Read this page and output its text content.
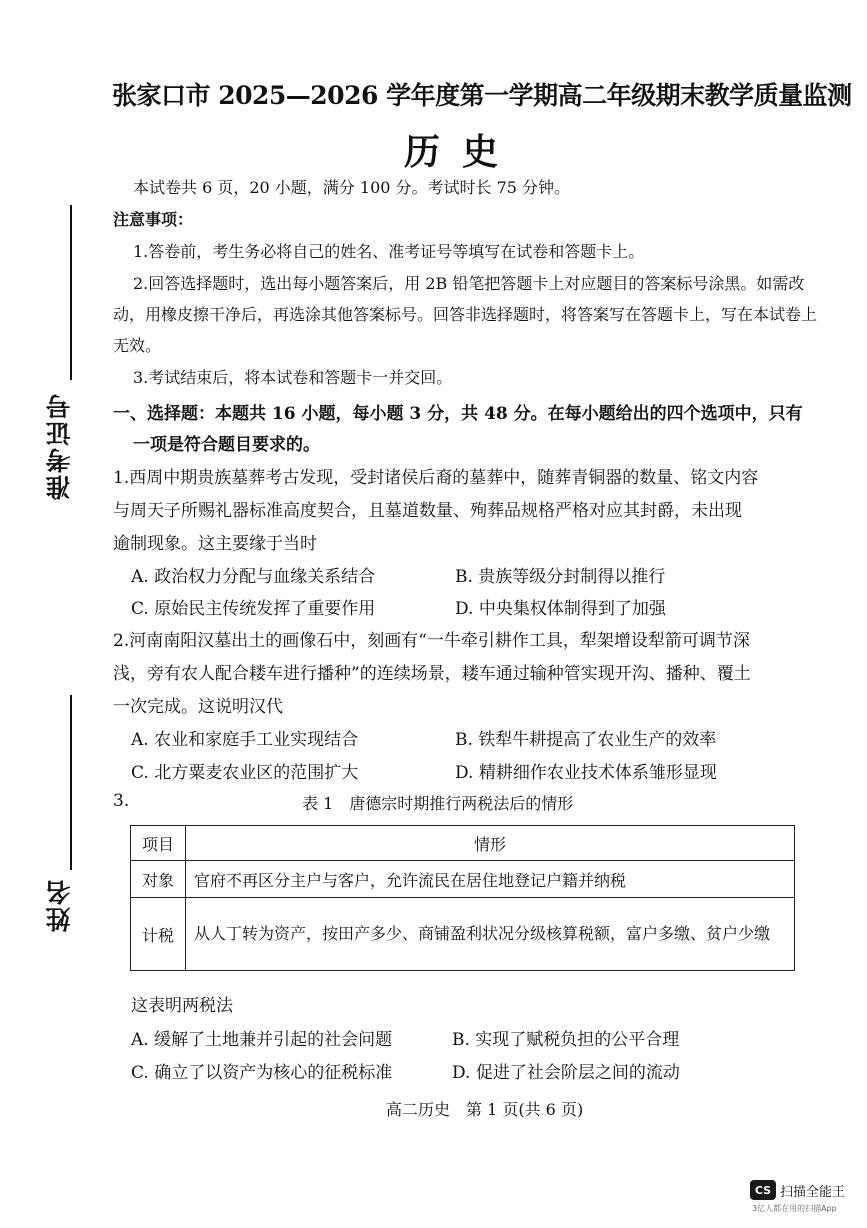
张家口市 2025—2026 学年度第一学期高二年级期末教学质量监测
历史
本试卷共 6 页，20 小题，满分 100 分。考试时长 75 分钟。
注意事项：
1.答卷前，考生务必将自己的姓名、准考证号等填写在试卷和答题卡上。
2.回答选择题时，选出每小题答案后，用 2B 铅笔把答题卡上对应题目的答案标号涂黑。如需改
动，用橡皮擦干净后，再选涂其他答案标号。回答非选择题时，将答案写在答题卡上，写在本试卷上
无效。
3.考试结束后，将本试卷和答题卡一并交回。
准考证号
姓名
一、选择题：本题共 16 小题，每小题 3 分，共 48 分。在每小题给出的四个选项中，只有
一项是符合题目要求的。
1.西周中期贵族墓葬考古发现，受封诸侯后裔的墓葬中，随葬青铜器的数量、铭文内容
与周天子所赐礼器标准高度契合，且墓道数量、殉葬品规格严格对应其封爵，未出现
逾制现象。这主要缘于当时
A. 政治权力分配与血缘关系结合	B. 贵族等级分封制得以推行
C. 原始民主传统发挥了重要作用	D. 中央集权体制得到了加强
2.河南南阳汉墓出土的画像石中，刻画有“一牛牵引耕作工具，犁架增设犁箭可调节深
浅，旁有农人配合耧车进行播种”的连续场景，耧车通过输种管实现开沟、播种、覆土
一次完成。这说明汉代
A. 农业和家庭手工业实现结合	B. 铁犁牛耕提高了农业生产的效率
C. 北方粟麦农业区的范围扩大	D. 精耕细作农业技术体系雏形显现
3.	表 1　唐德宗时期推行两税法后的情形
项目	情形
对象	官府不再区分主户与客户，允许流民在居住地登记户籍并纳税
计税	从人丁转为资产，按田产多少、商铺盈利状况分级核算税额，富户多缴、贫户少缴
这表明两税法
A. 缓解了土地兼并引起的社会问题	B. 实现了赋税负担的公平合理
C. 确立了以资产为核心的征税标准	D. 促进了社会阶层之间的流动
高二历史　第 1 页(共 6 页)
CS 扫描全能王
3亿人都在用的扫描App
